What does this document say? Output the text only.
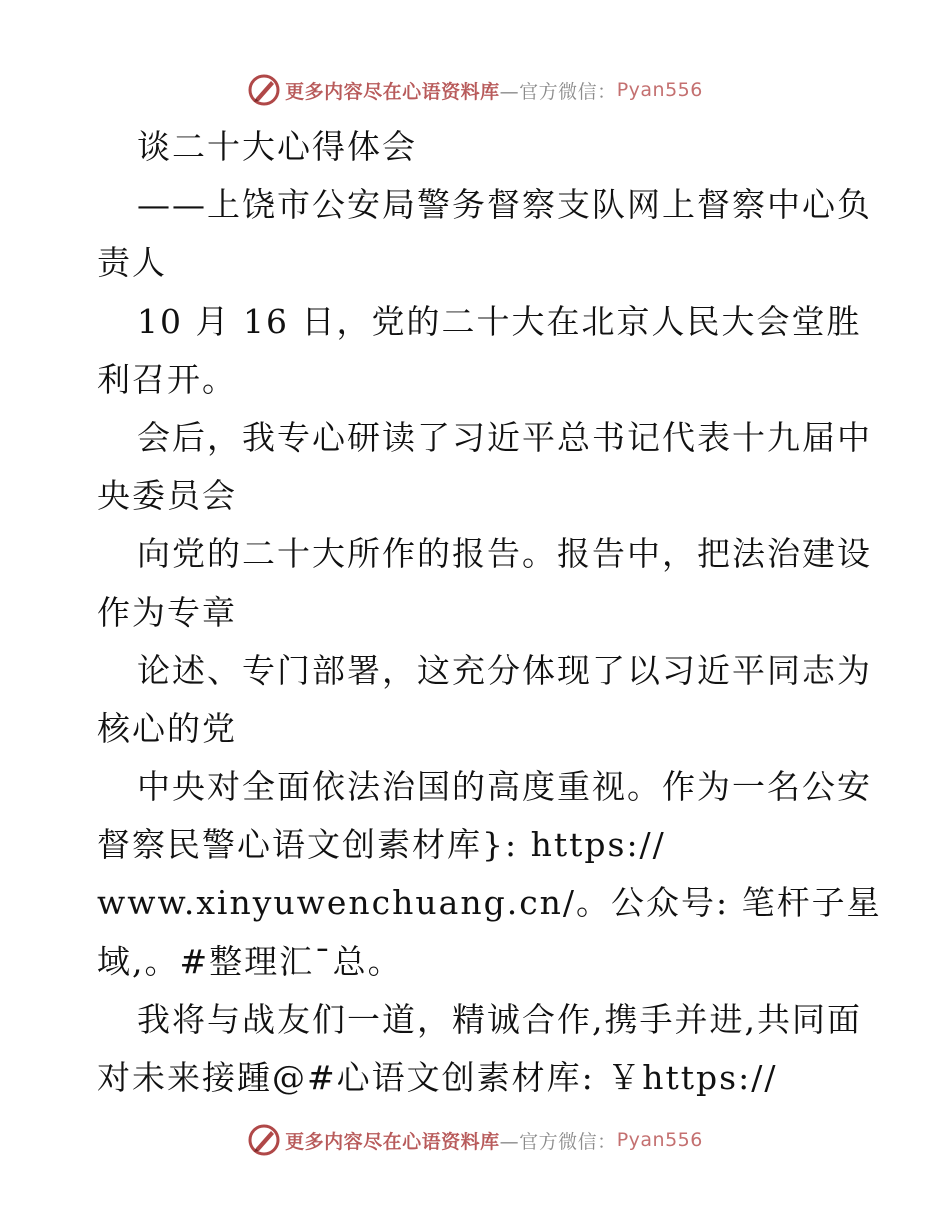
更多内容尽在心语资料库 —官方微信： Pyan556
谈二十大心得体会
——上饶市公安局警务督察支队网上督察中心负
责人
10 月 16 日，党的二十大在北京人民大会堂胜
利召开。
会后，我专心研读了习近平总书记代表十九届中
央委员会
向党的二十大所作的报告。报告中，把法治建设
作为专章
论述、专门部署，这充分体现了以习近平同志为
核心的党
中央对全面依法治国的高度重视。作为一名公安
督察民警心语文创素材库}: https://
www.xinyuwenchuang.cn/。公众号: 笔杆子星
域,。#整理汇¯总。
我将与战友们一道，精诚合作,携手并进,共同面
对未来接踵@#心语文创素材库: ￥https://
更多内容尽在心语资料库 —官方微信： Pyan556
